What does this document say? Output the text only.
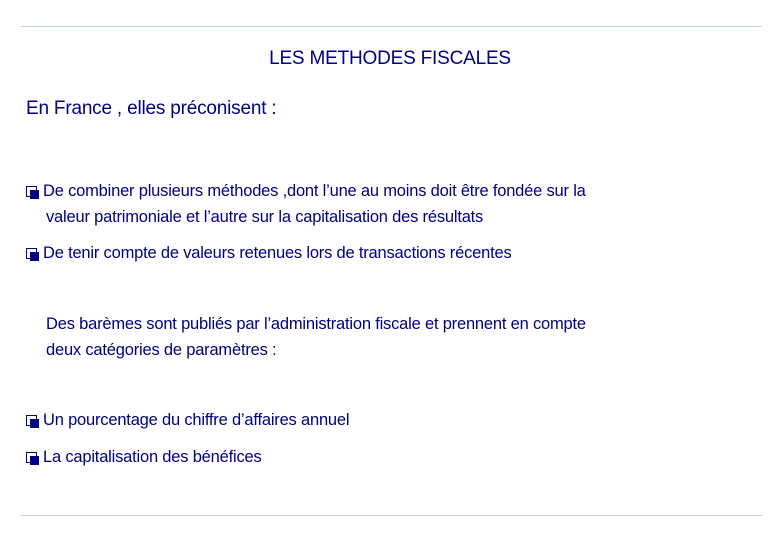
LES METHODES FISCALES
En France , elles préconisent :
De combiner plusieurs méthodes ,dont l’une au moins doit être fondée sur la
valeur patrimoniale et l’autre sur la capitalisation des résultats
De tenir compte de valeurs retenues lors de transactions récentes
Des barèmes sont publiés par l’administration fiscale et prennent en compte
deux catégories de paramètres :
Un pourcentage du chiffre d’affaires annuel
La capitalisation des bénéfices
